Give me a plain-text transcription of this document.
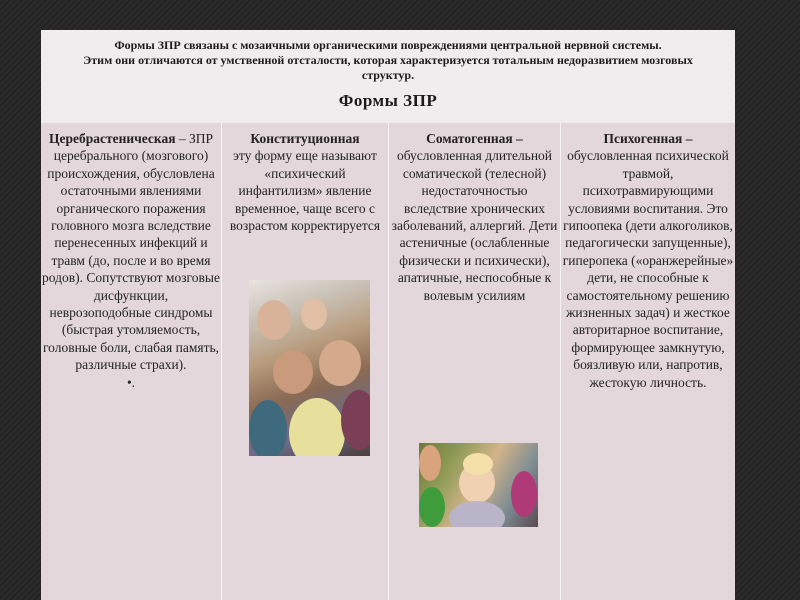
Формы ЗПР связаны с мозаичными органическими повреждениями центральной нервной системы.
Этим они отличаются от умственной отсталости, которая характеризуется тотальным недоразвитием мозговых структур.

Формы ЗПР

Церебрастеническая – ЗПР церебрального (мозгового) происхождения, обусловлена остаточными явлениями органического поражения головного мозга вследствие перенесенных инфекций и травм (до, после и во время родов). Сопутствуют мозговые дисфункции, неврозоподобные синдромы (быстрая утомляемость, головные боли, слабая память, различные страхи).
•.

Конституционная
эту форму еще называют «психический инфантилизм» явление временное, чаще всего с возрастом корректируется

Соматогенная –
обусловленная длительной соматической (телесной) недостаточностью вследствие хронических заболеваний, аллергий. Дети астеничные (ослабленные физически и психически), апатичные, неспособные к волевым усилиям

Психогенная –
обусловленная психической травмой, психотравмирующими условиями воспитания. Это гипоопека (дети алкоголиков, педагогически запущенные), гиперопека («оранжерейные» дети, не способные к самостоятельному решению жизненных задач) и жесткое авторитарное воспитание, формирующее замкнутую, боязливую или, напротив, жестокую личность.
